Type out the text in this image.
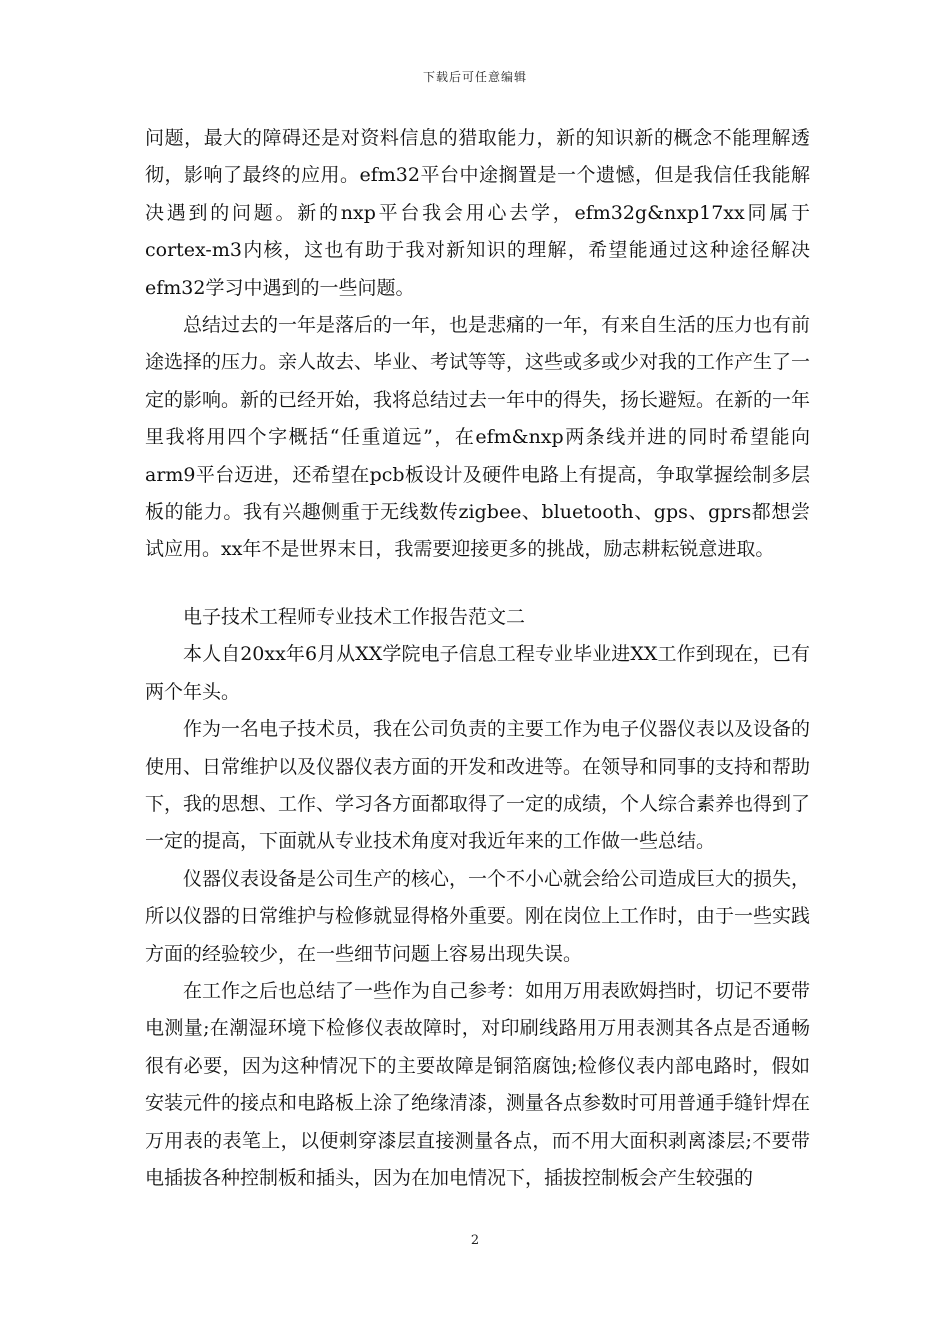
下载后可任意编辑

问题，最大的障碍还是对资料信息的猎取能力，新的知识新的概念不能理解透彻，影响了最终的应用。efm32平台中途搁置是一个遗憾，但是我信任我能解决遇到的问题。新的nxp平台我会用心去学，efm32g&nxp17xx同属于cortex-m3内核，这也有助于我对新知识的理解，希望能通过这种途径解决efm32学习中遇到的一些问题。

总结过去的一年是落后的一年，也是悲痛的一年，有来自生活的压力也有前途选择的压力。亲人故去、毕业、考试等等，这些或多或少对我的工作产生了一定的影响。新的已经开始，我将总结过去一年中的得失，扬长避短。在新的一年里我将用四个字概括“任重道远”，在efm&nxp两条线并进的同时希望能向arm9平台迈进，还希望在pcb板设计及硬件电路上有提高，争取掌握绘制多层板的能力。我有兴趣侧重于无线数传zigbee、bluetooth、gps、gprs都想尝试应用。xx年不是世界末日，我需要迎接更多的挑战，励志耕耘锐意进取。

电子技术工程师专业技术工作报告范文二

本人自20xx年6月从XX学院电子信息工程专业毕业进XX工作到现在，已有两个年头。

作为一名电子技术员，我在公司负责的主要工作为电子仪器仪表以及设备的使用、日常维护以及仪器仪表方面的开发和改进等。在领导和同事的支持和帮助下，我的思想、工作、学习各方面都取得了一定的成绩，个人综合素养也得到了一定的提高，下面就从专业技术角度对我近年来的工作做一些总结。

仪器仪表设备是公司生产的核心，一个不小心就会给公司造成巨大的损失，所以仪器的日常维护与检修就显得格外重要。刚在岗位上工作时，由于一些实践方面的经验较少，在一些细节问题上容易出现失误。

在工作之后也总结了一些作为自己参考：如用万用表欧姆挡时，切记不要带电测量;在潮湿环境下检修仪表故障时，对印刷线路用万用表测其各点是否通畅很有必要，因为这种情况下的主要故障是铜箔腐蚀;检修仪表内部电路时，假如安装元件的接点和电路板上涂了绝缘清漆，测量各点参数时可用普通手缝针焊在万用表的表笔上，以便刺穿漆层直接测量各点，而不用大面积剥离漆层;不要带电插拔各种控制板和插头，因为在加电情况下，插拔控制板会产生较强的

2
